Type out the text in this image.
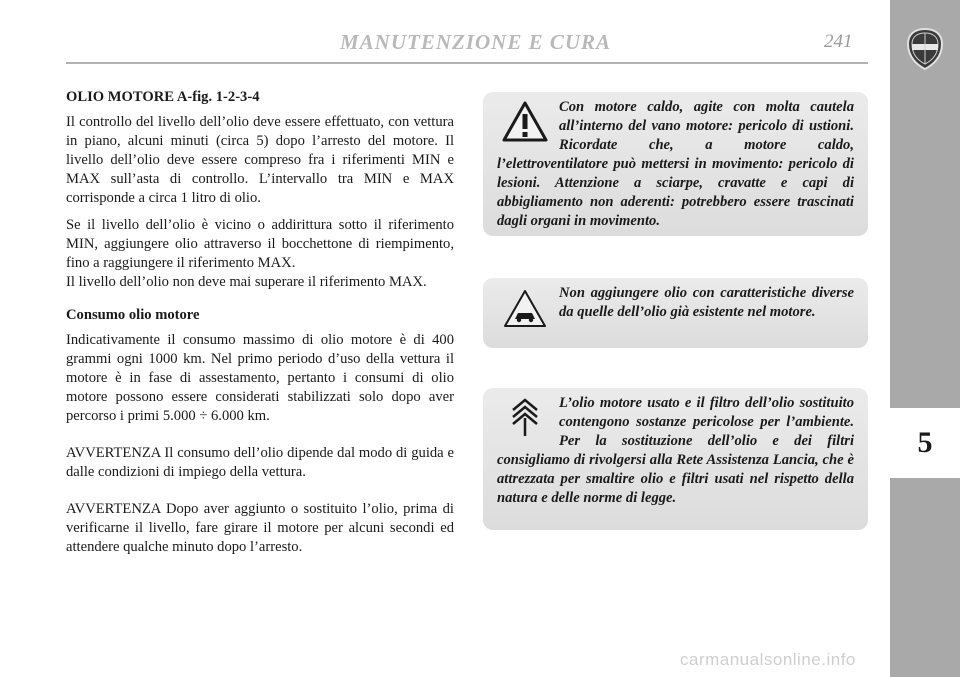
MANUTENZIONE E CURA	241
5
OLIO MOTORE A-fig. 1-2-3-4

Il controllo del livello dell’olio deve essere effettuato, con vettura in piano, alcuni minuti (circa 5) dopo l’arresto del motore. Il livello dell’olio deve essere compreso fra i riferimenti MIN e MAX sull’asta di controllo. L’intervallo tra MIN e MAX corrisponde a circa 1 litro di olio.

Se il livello dell’olio è vicino o addirittura sotto il riferimento MIN, aggiungere olio attraverso il bocchettone di riempimento, fino a raggiungere il riferimento MAX.

Il livello dell’olio non deve mai superare il riferimento MAX.

Consumo olio motore

Indicativamente il consumo massimo di olio motore è di 400 grammi ogni 1000 km. Nel primo periodo d’uso della vettura il motore è in fase di assestamento, pertanto i consumi di olio motore possono essere considerati stabilizzati solo dopo aver percorso i primi 5.000 ÷ 6.000 km.

AVVERTENZA Il consumo dell’olio dipende dal modo di guida e dalle condizioni di impiego della vettura.

AVVERTENZA Dopo aver aggiunto o sostituito l’olio, prima di verificarne il livello, fare girare il motore per alcuni secondi ed attendere qualche minuto dopo l’arresto.

Con motore caldo, agite con molta cautela all’interno del vano motore: pericolo di ustioni. Ricordate che, a motore caldo, l’elettroventilatore può mettersi in movimento: pericolo di lesioni. Attenzione a sciarpe, cravatte e capi di abbigliamento non aderenti: potrebbero essere trascinati dagli organi in movimento.
Non aggiungere olio con caratteristiche diverse da quelle dell’olio già esistente nel motore.
L’olio motore usato e il filtro dell’olio sostituito contengono sostanze pericolose per l’ambiente. Per la sostituzione dell’olio e dei filtri consigliamo di rivolgersi alla Rete Assistenza Lancia, che è attrezzata per smaltire olio e filtri usati nel rispetto della natura e delle norme di legge.
carmanualsonline.info
